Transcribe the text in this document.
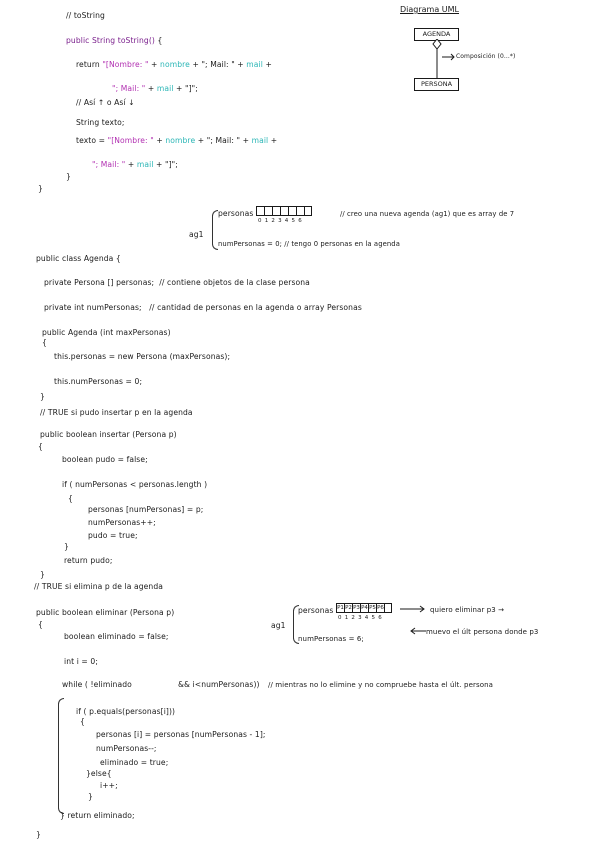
// toString
public String toString() {
return "[Nombre: " + nombre + "; Mail: " + mail +
"; Mail: " + mail + "]";
// Así ↑ o Así ↓
String texto;
texto = "[Nombre: " + nombre + "; Mail: " + mail +
"; Mail: " + mail + "]";
}
}
Diagrama UML
AGENDA
Composición (0...*)
PERSONA
ag1
personas
0123456
// creo una nueva agenda (ag1) que es array de 7
numPersonas = 0; // tengo 0 personas en la agenda
public class Agenda {
private Persona [] personas; // contiene objetos de la clase persona
private int numPersonas; // cantidad de personas en la agenda o array Personas
public Agenda (int maxPersonas)
{
this.personas = new Persona (maxPersonas);
this.numPersonas = 0;
}
// TRUE si pudo insertar p en la agenda
public boolean insertar (Persona p)
{
boolean pudo = false;
if ( numPersonas < personas.length )
{
personas [numPersonas] = p;
numPersonas++;
pudo = true;
}
return pudo;
}
// TRUE si elimina p de la agenda
public boolean eliminar (Persona p)
{
boolean eliminado = false;
int i = 0;
while ( !eliminado	&& i<numPersonas)) // mientras no lo elimine y no compruebe hasta el últ. persona
if ( p.equals(personas[i]))
{
personas [i] = personas [numPersonas - 1];
numPersonas--;
eliminado = true;
}else{
i++;
}
} return eliminado;
}
ag1
personas P1 P2 P3 P4 P5 P6
0123456
quiero eliminar p3 →
numPersonas = 6;
muevo el últ persona donde p3
